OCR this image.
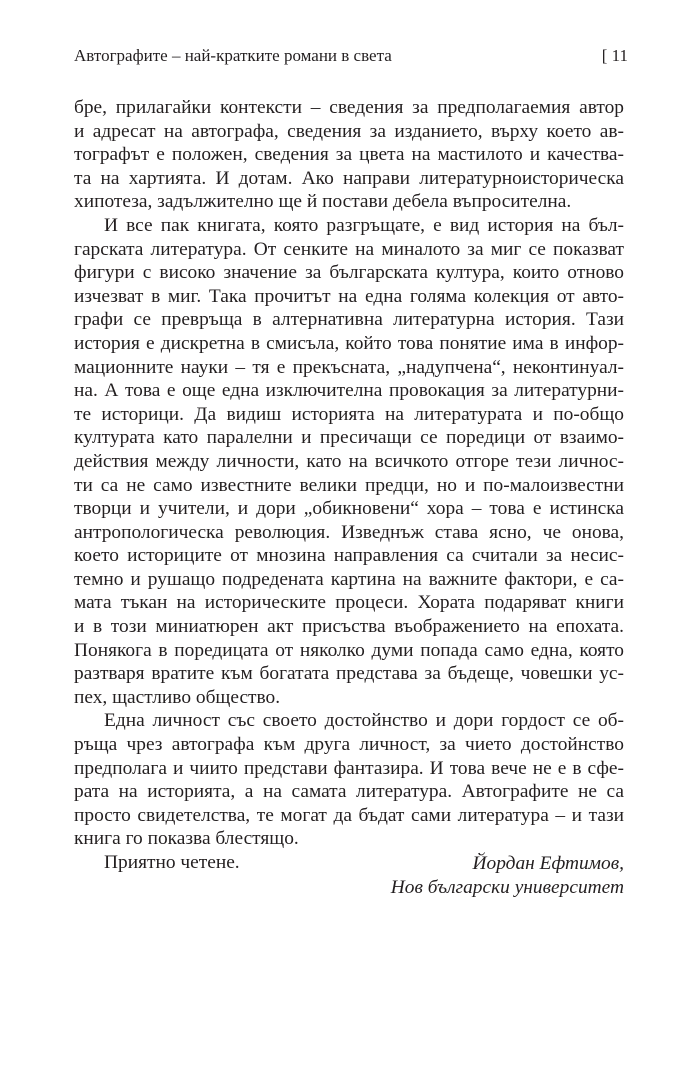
Автографите – най-кратките романи в света	[ 11
бре, прилагайки контексти – сведения за предполагаемия автор
и адресат на автографа, сведения за изданието, върху което ав-
тографът е положен, сведения за цвета на мастилото и качества-
та на хартията. И дотам. Ако направи литературноисторическа
хипотеза, задължително ще й постави дебела въпросителна.
И все пак книгата, която разгръщате, е вид история на бъл-
гарската литература. От сенките на миналото за миг се показват
фигури с високо значение за българската култура, които отново
изчезват в миг. Така прочитът на една голяма колекция от авто-
графи се превръща в алтернативна литературна история. Тази
история е дискретна в смисъла, който това понятие има в инфор-
мационните науки – тя е прекъсната, „надупчена“, неконтинуал-
на. А това е още една изключителна провокация за литературни-
те историци. Да видиш историята на литературата и по-общо
културата като паралелни и пресичащи се поредици от взаимо-
действия между личности, като на всичкото отгоре тези личнос-
ти са не само известните велики предци, но и по-малоизвестни
творци и учители, и дори „обикновени“ хора – това е истинска
антропологическа революция. Изведнъж става ясно, че онова,
което историците от мнозина направления са считали за несис-
темно и рушащо подредената картина на важните фактори, е са-
мата тъкан на историческите процеси. Хората подаряват книги
и в този миниатюрен акт присъства въображението на епохата.
Понякога в поредицата от няколко думи попада само една, която
разтваря вратите към богатата представа за бъдеще, човешки ус-
пех, щастливо общество.
Една личност със своето достойнство и дори гордост се об-
ръща чрез автографа към друга личност, за чието достойнство
предполага и чиито представи фантазира. И това вече не е в сфе-
рата на историята, а на самата литература. Автографите не са
просто свидетелства, те могат да бъдат сами литература – и тази
книга го показва блестящо.
Приятно четене.	Йордан Ефтимов,
Нов български университет
